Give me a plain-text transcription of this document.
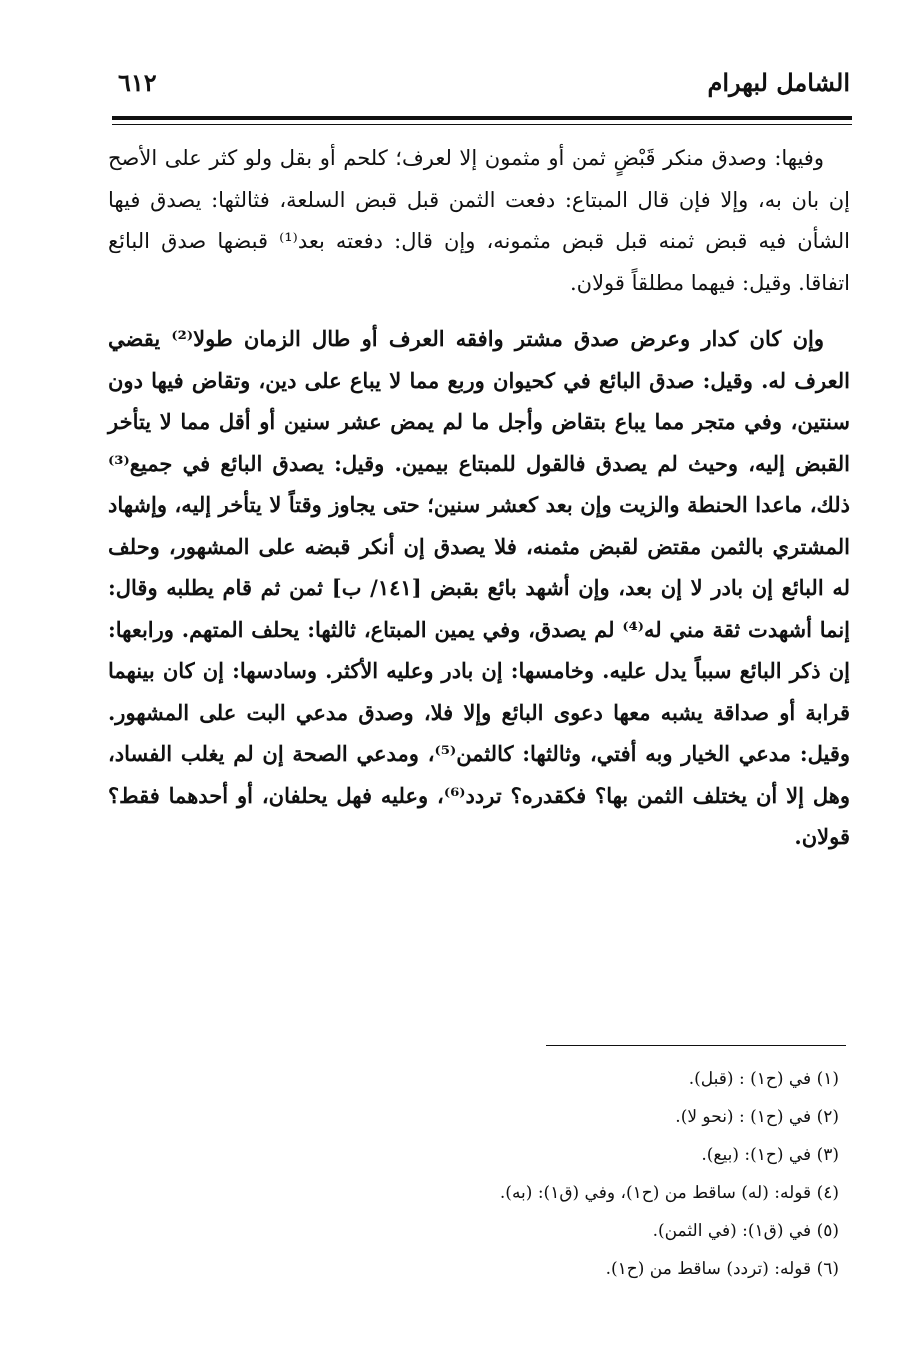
الشامل لبهرام
٦١٢

وفيها: وصدق منكر قَبْضٍ ثمن أو مثمون إلا لعرف؛ كلحم أو بقل ولو كثر على الأصح إن بان به، وإلا فإن قال المبتاع: دفعت الثمن قبل قبض السلعة، فثالثها: يصدق فيها الشأن فيه قبض ثمنه قبل قبض مثمونه، وإن قال: دفعته بعد⁽¹⁾ قبضها صدق البائع اتفاقا. وقيل: فيهما مطلقاً قولان.

وإن كان كدار وعرض صدق مشتر وافقه العرف أو طال الزمان طولا⁽²⁾ يقضي العرف له. وقيل: صدق البائع في كحيوان وربع مما لا يباع على دين، وتقاض فيها دون سنتين، وفي متجر مما يباع بتقاض وأجل ما لم يمض عشر سنين أو أقل مما لا يتأخر القبض إليه، وحيث لم يصدق فالقول للمبتاع بيمين. وقيل: يصدق البائع في جميع⁽³⁾ ذلك، ماعدا الحنطة والزيت وإن بعد كعشر سنين؛ حتى يجاوز وقتاً لا يتأخر إليه، وإشهاد المشتري بالثمن مقتض لقبض مثمنه، فلا يصدق إن أنكر قبضه على المشهور، وحلف له البائع إن بادر لا إن بعد، وإن أشهد بائع بقبض [١٤١/ ب] ثمن ثم قام يطلبه وقال: إنما أشهدت ثقة مني له⁽⁴⁾ لم يصدق، وفي يمين المبتاع، ثالثها: يحلف المتهم. ورابعها: إن ذكر البائع سبباً يدل عليه. وخامسها: إن بادر وعليه الأكثر. وسادسها: إن كان بينهما قرابة أو صداقة يشبه معها دعوى البائع وإلا فلا، وصدق مدعي البت على المشهور. وقيل: مدعي الخيار وبه أفتي، وثالثها: كالثمن⁽⁵⁾، ومدعي الصحة إن لم يغلب الفساد، وهل إلا أن يختلف الثمن بها؟ فكقدره؟ تردد⁽⁶⁾، وعليه فهل يحلفان، أو أحدهما فقط؟ قولان.

(١) في (ح١) : (قبل).
(٢) في (ح١) : (نحو لا).
(٣) في (ح١): (بيع).
(٤) قوله: (له) ساقط من (ح١)، وفي (ق١): (به).
(٥) في (ق١): (في الثمن).
(٦) قوله: (تردد) ساقط من (ح١).
